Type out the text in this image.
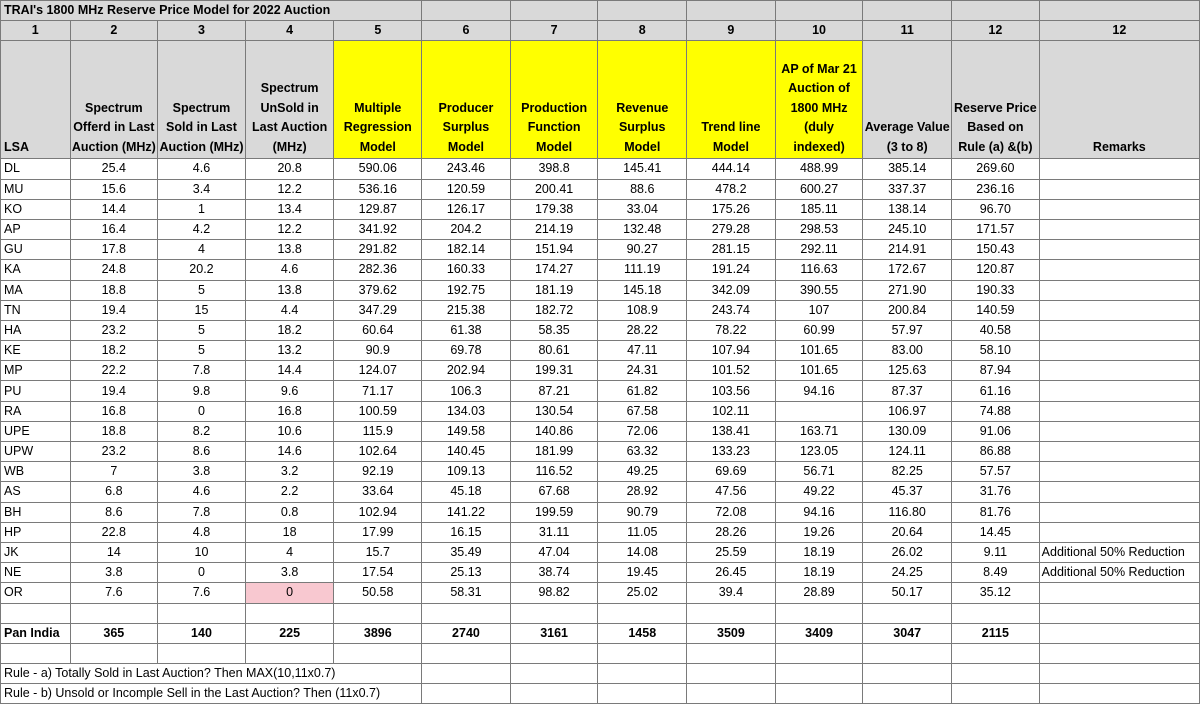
TRAI's 1800 MHz Reserve Price Model for 2022 Auction												
1	2	3	4	5	6	7	8	9	10	11	12	12
LSA	Spectrum Offerd in Last Auction (MHz)	Spectrum Sold in Last Auction (MHz)	Spectrum UnSold in Last Auction (MHz)	Multiple Regression Model	Producer Surplus Model	Production Function Model	Revenue Surplus Model	Trend line Model	AP of Mar 21 Auction of 1800 MHz (duly indexed)	Average Value (3 to 8)	Reserve Price Based on Rule (a) &(b)	Remarks
DL	25.4	4.6	20.8	590.06	243.46	398.8	145.41	444.14	488.99	385.14	269.60	
MU	15.6	3.4	12.2	536.16	120.59	200.41	88.6	478.2	600.27	337.37	236.16	
KO	14.4	1	13.4	129.87	126.17	179.38	33.04	175.26	185.11	138.14	96.70	
AP	16.4	4.2	12.2	341.92	204.2	214.19	132.48	279.28	298.53	245.10	171.57	
GU	17.8	4	13.8	291.82	182.14	151.94	90.27	281.15	292.11	214.91	150.43	
KA	24.8	20.2	4.6	282.36	160.33	174.27	111.19	191.24	116.63	172.67	120.87	
MA	18.8	5	13.8	379.62	192.75	181.19	145.18	342.09	390.55	271.90	190.33	
TN	19.4	15	4.4	347.29	215.38	182.72	108.9	243.74	107	200.84	140.59	
HA	23.2	5	18.2	60.64	61.38	58.35	28.22	78.22	60.99	57.97	40.58	
KE	18.2	5	13.2	90.9	69.78	80.61	47.11	107.94	101.65	83.00	58.10	
MP	22.2	7.8	14.4	124.07	202.94	199.31	24.31	101.52	101.65	125.63	87.94	
PU	19.4	9.8	9.6	71.17	106.3	87.21	61.82	103.56	94.16	87.37	61.16	
RA	16.8	0	16.8	100.59	134.03	130.54	67.58	102.11		106.97	74.88	
UPE	18.8	8.2	10.6	115.9	149.58	140.86	72.06	138.41	163.71	130.09	91.06	
UPW	23.2	8.6	14.6	102.64	140.45	181.99	63.32	133.23	123.05	124.11	86.88	
WB	7	3.8	3.2	92.19	109.13	116.52	49.25	69.69	56.71	82.25	57.57	
AS	6.8	4.6	2.2	33.64	45.18	67.68	28.92	47.56	49.22	45.37	31.76	
BH	8.6	7.8	0.8	102.94	141.22	199.59	90.79	72.08	94.16	116.80	81.76	
HP	22.8	4.8	18	17.99	16.15	31.11	11.05	28.26	19.26	20.64	14.45	
JK	14	10	4	15.7	35.49	47.04	14.08	25.59	18.19	26.02	9.11	Additional 50% Reduction
NE	3.8	0	3.8	17.54	25.13	38.74	19.45	26.45	18.19	24.25	8.49	Additional 50% Reduction
OR	7.6	7.6	0	50.58	58.31	98.82	25.02	39.4	28.89	50.17	35.12	

Pan India	365	140	225	3896	2740	3161	1458	3509	3409	3047	2115	

Rule - a) Totally Sold in Last Auction? Then MAX(10,11x0.7)												
Rule - b) Unsold or Incomple Sell in the Last Auction? Then (11x0.7)												
